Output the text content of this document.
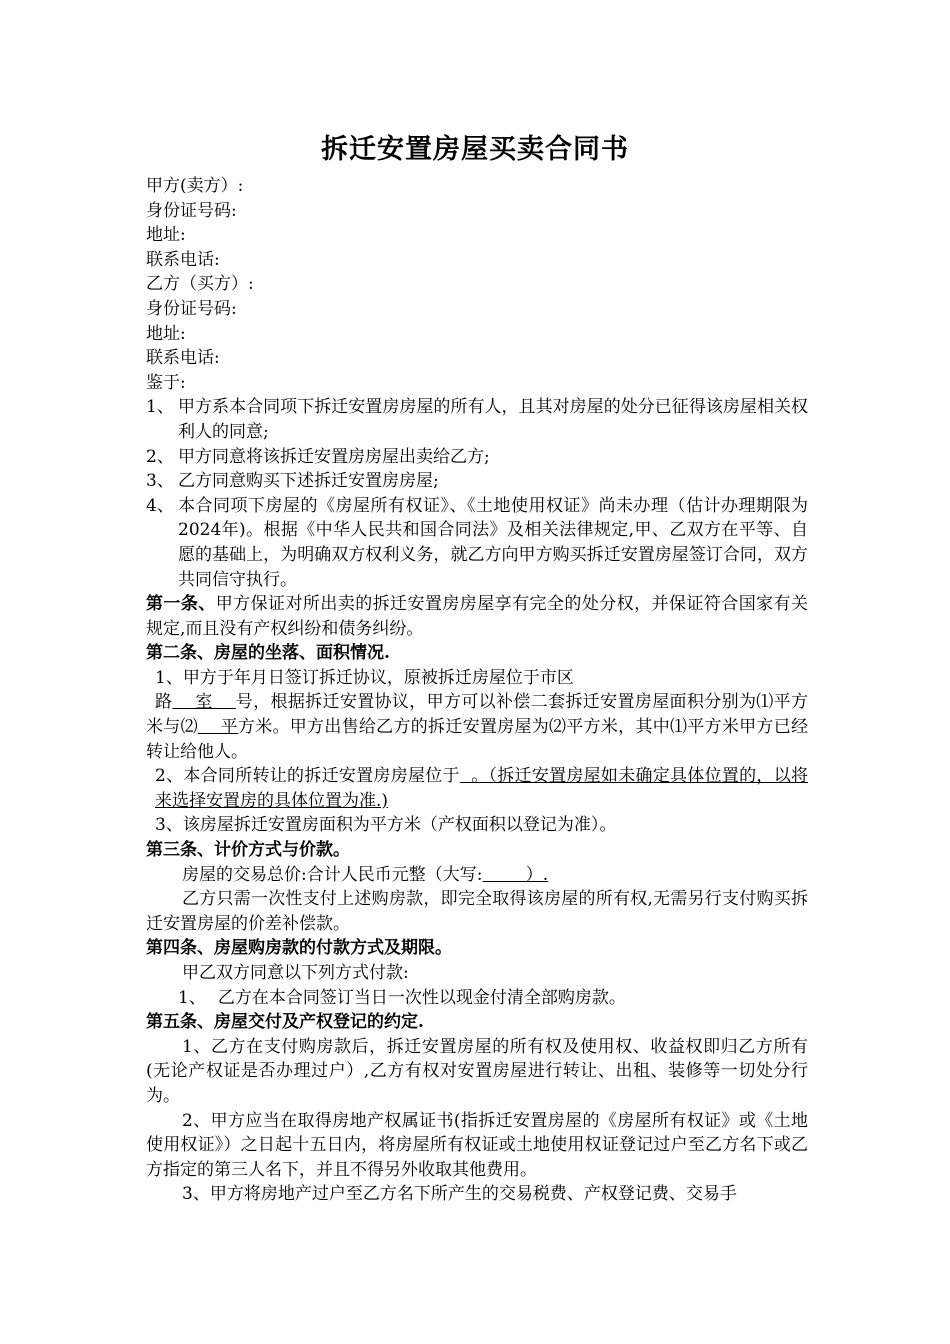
拆迁安置房屋买卖合同书
甲方(卖方）:
身份证号码:
地址:
联系电话:
乙方（买方）:
身份证号码:
地址:
联系电话:
鉴于:
1、 甲方系本合同项下拆迁安置房房屋的所有人，且其对房屋的处分已征得该房屋相关权利人的同意;
2、 甲方同意将该拆迁安置房房屋出卖给乙方;
3、 乙方同意购买下述拆迁安置房房屋;
4、 本合同项下房屋的《房屋所有权证》、《土地使用权证》尚未办理（估计办理期限为2024年)。根据《中华人民共和国合同法》及相关法律规定,甲、乙双方在平等、自愿的基础上，为明确双方权利义务，就乙方向甲方购买拆迁安置房屋签订合同，双方共同信守执行。
第一条、甲方保证对所出卖的拆迁安置房房屋享有完全的处分权，并保证符合国家有关规定,而且没有产权纠纷和债务纠纷。
第二条、房屋的坐落、面积情况.
1、甲方于年月日签订拆迁协议，原被拆迁房屋位于市区
路    室    号，根据拆迁安置协议，甲方可以补偿二套拆迁安置房屋面积分别为⑴平方米与⑵    平方米。甲方出售给乙方的拆迁安置房屋为⑵平方米，其中⑴平方米甲方已经转让给他人。
2、本合同所转让的拆迁安置房房屋位于  。（拆迁安置房屋如未确定具体位置的，以将来选择安置房的具体位置为准.)
3、该房屋拆迁安置房面积为平方米（产权面积以登记为准）。
第三条、计价方式与价款。
房屋的交易总价:合计人民币元整（大写:        ）.
乙方只需一次性支付上述购房款，即完全取得该房屋的所有权,无需另行支付购买拆迁安置房屋的价差补偿款。
第四条、房屋购房款的付款方式及期限。
甲乙双方同意以下列方式付款:
1、 乙方在本合同签订当日一次性以现金付清全部购房款。
第五条、房屋交付及产权登记的约定.
1、乙方在支付购房款后，拆迁安置房屋的所有权及使用权、收益权即归乙方所有(无论产权证是否办理过户）,乙方有权对安置房屋进行转让、出租、装修等一切处分行为。
2、甲方应当在取得房地产权属证书(指拆迁安置房屋的《房屋所有权证》或《土地使用权证》）之日起十五日内，将房屋所有权证或土地使用权证登记过户至乙方名下或乙方指定的第三人名下，并且不得另外收取其他费用。
3、甲方将房地产过户至乙方名下所产生的交易税费、产权登记费、交易手
